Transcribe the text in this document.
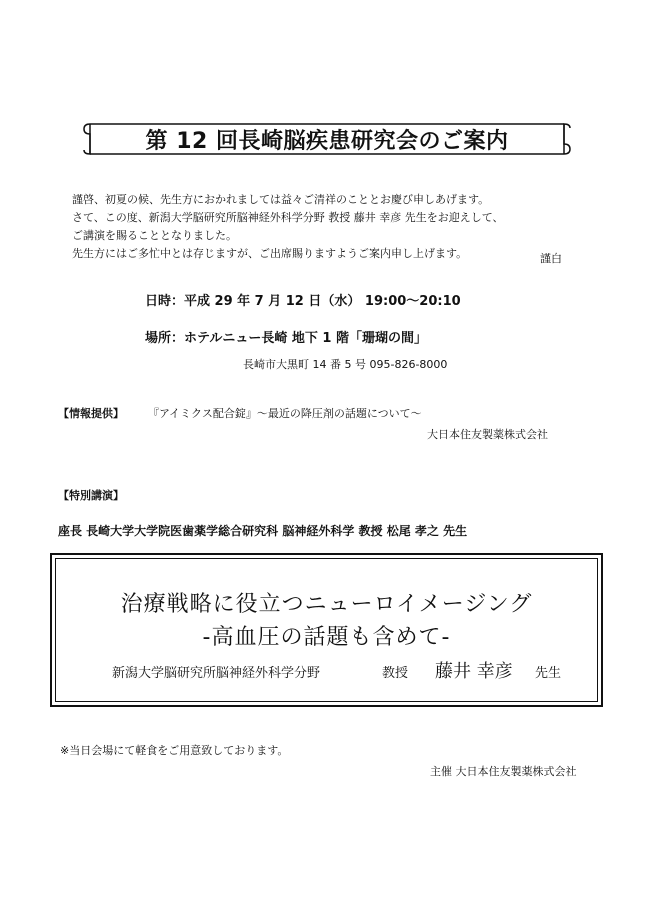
第 12 回長崎脳疾患研究会のご案内
謹啓、初夏の候、先生方におかれましては益々ご清祥のこととお慶び申しあげます。
さて、この度、新潟大学脳研究所脳神経外科学分野 教授 藤井 幸彦 先生をお迎えして、
ご講演を賜ることとなりました。
先生方にはご多忙中とは存じますが、ご出席賜りますようご案内申し上げます。	謹白
日時：平成 29 年 7 月 12 日（水） 19:00〜20:10
場所：ホテルニュー長崎 地下 1 階「珊瑚の間」
長崎市大黒町 14 番 5 号 095-826-8000
【情報提供】 『アイミクス配合錠』〜最近の降圧剤の話題について〜
大日本住友製薬株式会社
【特別講演】
座長 長崎大学大学院医歯薬学総合研究科 脳神経外科学 教授 松尾 孝之 先生
治療戦略に役立つニューロイメージング
-高血圧の話題も含めて-
新潟大学脳研究所脳神経外科学分野	教授 藤井 幸彦 先生
※当日会場にて軽食をご用意致しております。
主催 大日本住友製薬株式会社
